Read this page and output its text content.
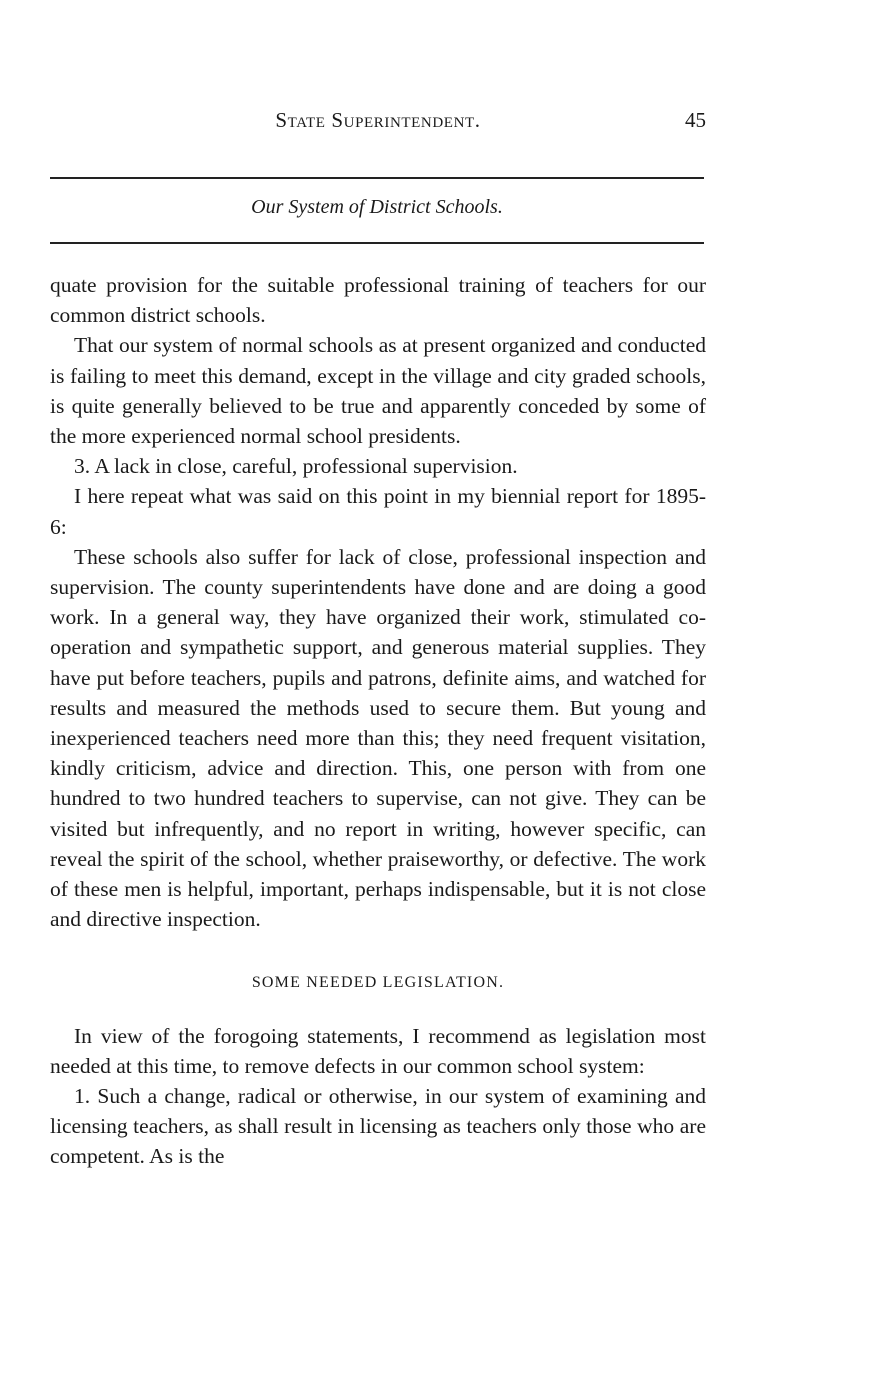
State Superintendent.	45
Our System of District Schools.

quate provision for the suitable professional training of teachers for our common district schools.

That our system of normal schools as at present organized and conducted is failing to meet this demand, except in the village and city graded schools, is quite generally believed to be true and apparently conceded by some of the more experienced normal school presidents.

3. A lack in close, careful, professional supervision.

I here repeat what was said on this point in my biennial report for 1895-6:

These schools also suffer for lack of close, professional inspection and supervision. The county superintendents have done and are doing a good work. In a general way, they have organized their work, stimulated co-operation and sympathetic support, and generous material supplies. They have put before teachers, pupils and patrons, definite aims, and watched for results and measured the methods used to secure them. But young and inexperienced teachers need more than this; they need frequent visitation, kindly criticism, advice and direction. This, one person with from one hundred to two hundred teachers to supervise, can not give. They can be visited but infrequently, and no report in writing, however specific, can reveal the spirit of the school, whether praiseworthy, or defective. The work of these men is helpful, important, perhaps indispensable, but it is not close and directive inspection.

SOME NEEDED LEGISLATION.

In view of the forogoing statements, I recommend as legislation most needed at this time, to remove defects in our common school system:

1. Such a change, radical or otherwise, in our system of examining and licensing teachers, as shall result in licensing as teachers only those who are competent. As is the
